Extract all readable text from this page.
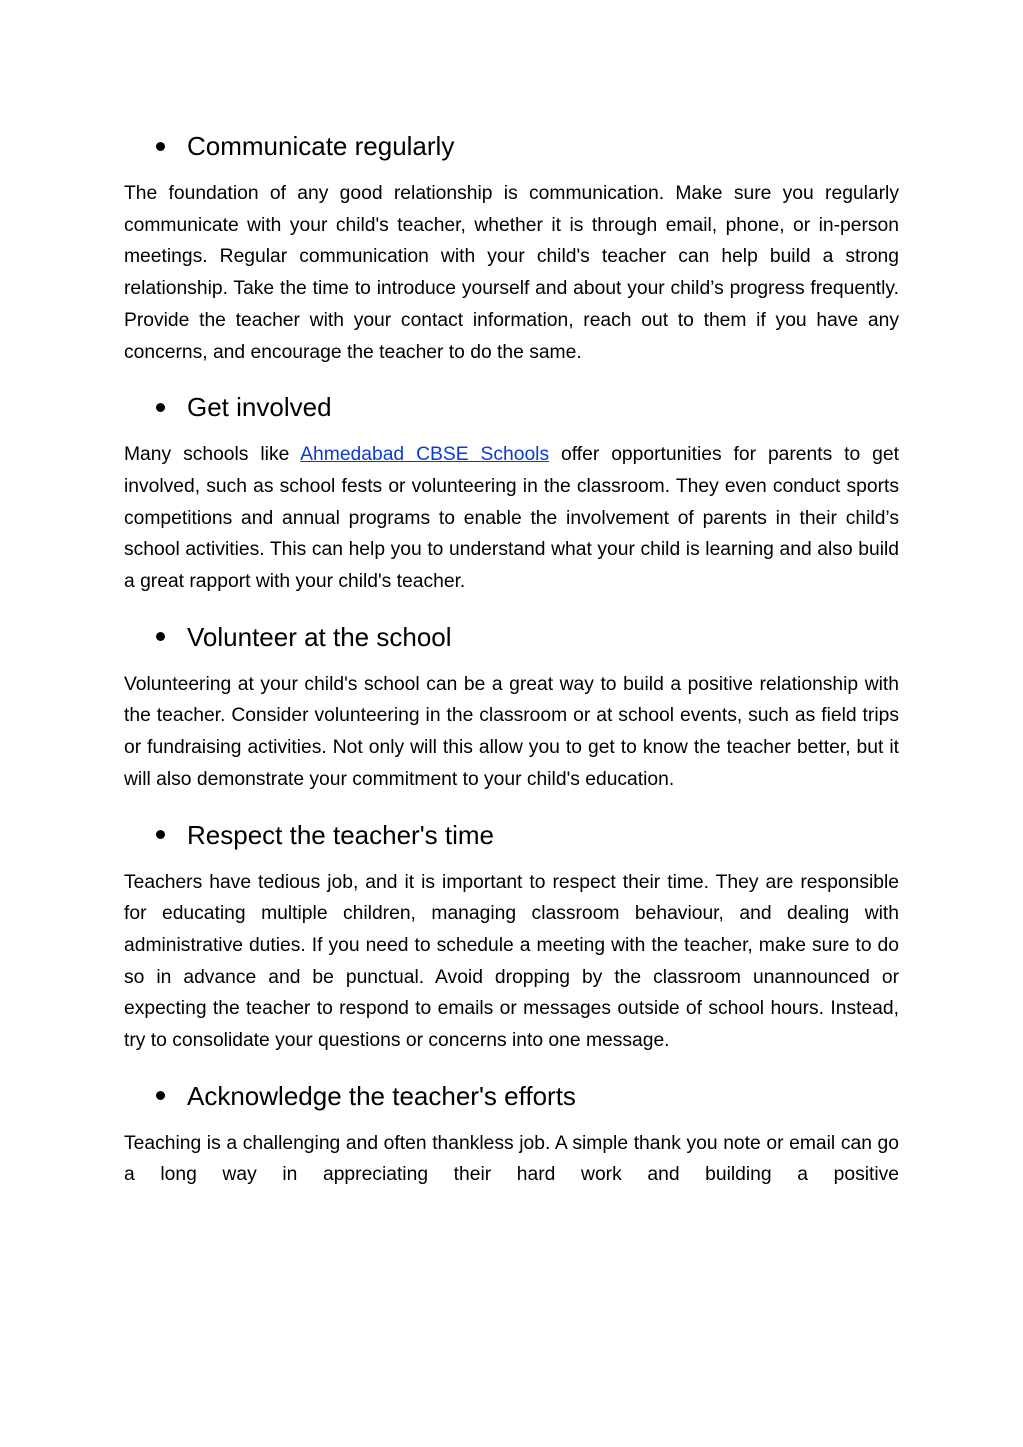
Communicate regularly

The foundation of any good relationship is communication. Make sure you regularly communicate with your child's teacher, whether it is through email, phone, or in-person meetings. Regular communication with your child's teacher can help build a strong relationship. Take the time to introduce yourself and about your child’s progress frequently. Provide the teacher with your contact information, reach out to them if you have any concerns, and encourage the teacher to do the same.

Get involved

Many schools like Ahmedabad CBSE Schools offer opportunities for parents to get involved, such as school fests or volunteering in the classroom. They even conduct sports competitions and annual programs to enable the involvement of parents in their child’s school activities. This can help you to understand what your child is learning and also build a great rapport with your child's teacher.

Volunteer at the school

Volunteering at your child's school can be a great way to build a positive relationship with the teacher. Consider volunteering in the classroom or at school events, such as field trips or fundraising activities. Not only will this allow you to get to know the teacher better, but it will also demonstrate your commitment to your child's education.

Respect the teacher's time

Teachers have tedious job, and it is important to respect their time. They are responsible for educating multiple children, managing classroom behaviour, and dealing with administrative duties. If you need to schedule a meeting with the teacher, make sure to do so in advance and be punctual. Avoid dropping by the classroom unannounced or expecting the teacher to respond to emails or messages outside of school hours. Instead, try to consolidate your questions or concerns into one message.

Acknowledge the teacher's efforts

Teaching is a challenging and often thankless job. A simple thank you note or email can go a long way in appreciating their hard work and building a positive
